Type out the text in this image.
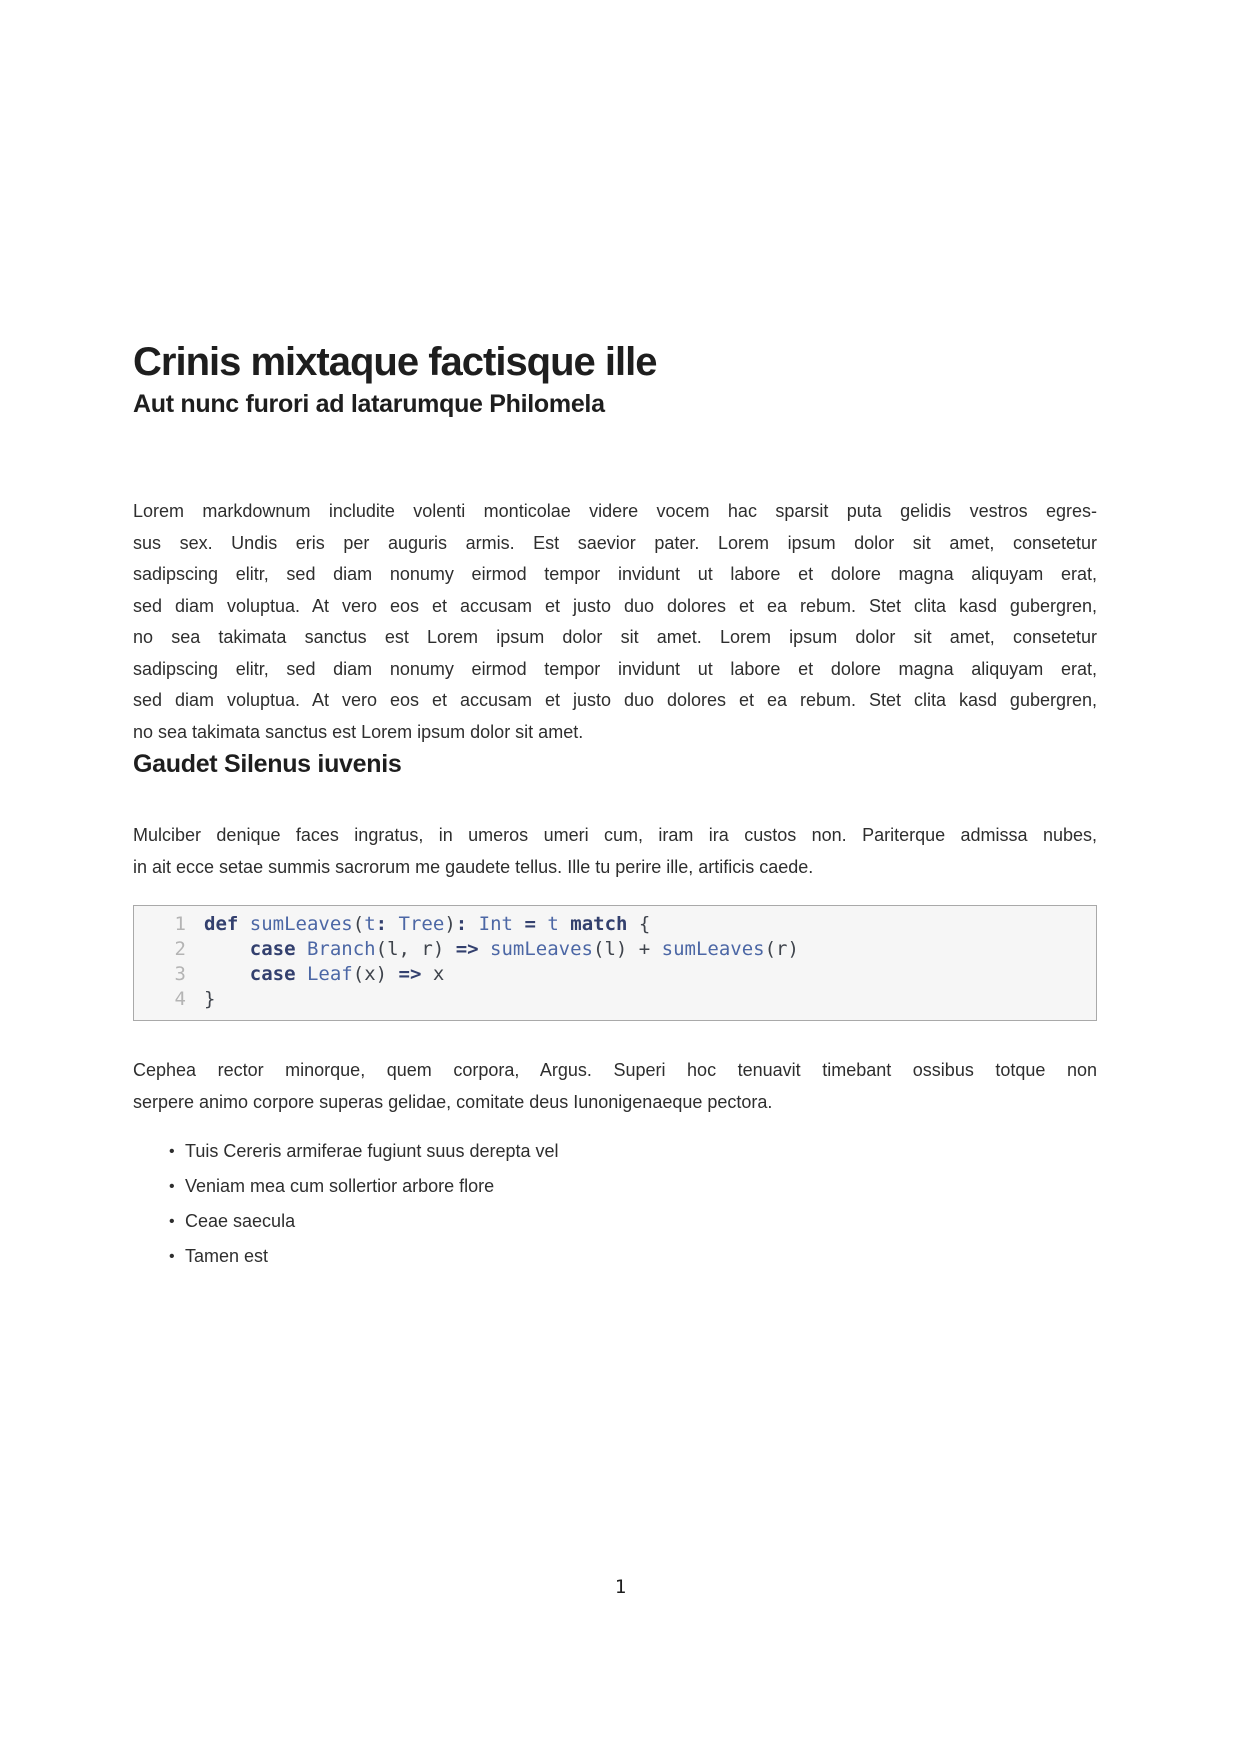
Crinis mixtaque factisque ille
Aut nunc furori ad latarumque Philomela
Lorem markdownum includite volenti monticolae videre vocem hac sparsit puta gelidis vestros egres-
sus sex. Undis eris per auguris armis. Est saevior pater. Lorem ipsum dolor sit amet, consetetur
sadipscing elitr, sed diam nonumy eirmod tempor invidunt ut labore et dolore magna aliquyam erat,
sed diam voluptua. At vero eos et accusam et justo duo dolores et ea rebum. Stet clita kasd gubergren,
no sea takimata sanctus est Lorem ipsum dolor sit amet. Lorem ipsum dolor sit amet, consetetur
sadipscing elitr, sed diam nonumy eirmod tempor invidunt ut labore et dolore magna aliquyam erat,
sed diam voluptua. At vero eos et accusam et justo duo dolores et ea rebum. Stet clita kasd gubergren,
no sea takimata sanctus est Lorem ipsum dolor sit amet.
Gaudet Silenus iuvenis
Mulciber denique faces ingratus, in umeros umeri cum, iram ira custos non. Pariterque admissa nubes,
in ait ecce setae summis sacrorum me gaudete tellus. Ille tu perire ille, artificis caede.
1 def sumLeaves(t: Tree): Int = t match {
2	case Branch(l, r) => sumLeaves(l) + sumLeaves(r)
3	case Leaf(x) => x
4 }
Cephea rector minorque, quem corpora, Argus. Superi hoc tenuavit timebant ossibus totque non
serpere animo corpore superas gelidae, comitate deus Iunonigenaeque pectora.
• Tuis Cereris armiferae fugiunt suus derepta vel
• Veniam mea cum sollertior arbore flore
• Ceae saecula
• Tamen est
1
